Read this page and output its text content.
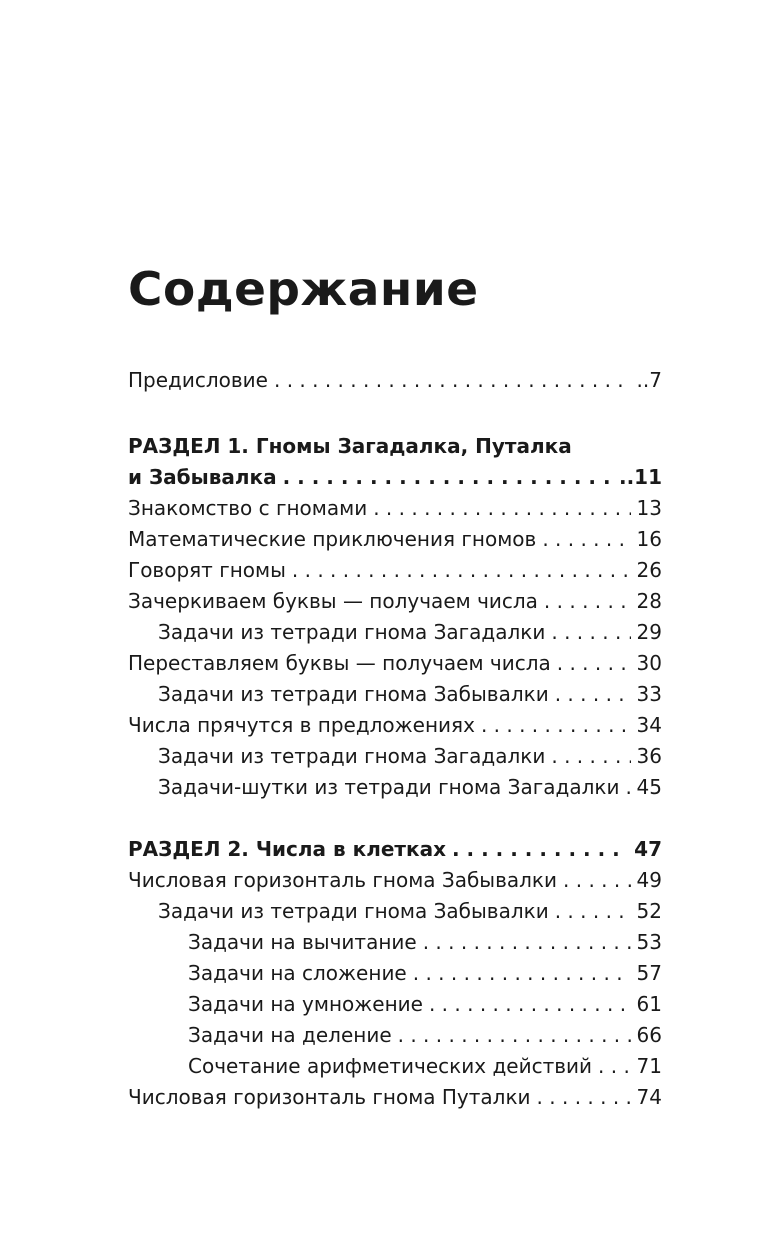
Содержание
Предисловие . . .	..7
РАЗДЕЛ 1. Гномы Загадалка, Путалка
и Забывалка . . .	..11
Знакомство с гномами . . .	13
Математические приключения гномов . . .	16
Говорят гномы . . .	26
Зачеркиваем буквы — получаем числа . . .	28
Задачи из тетради гнома Загадалки . . .	29
Переставляем буквы — получаем числа . . .	30
Задачи из тетради гнома Забывалки . . .	33
Числа прячутся в предложениях . . .	34
Задачи из тетради гнома Загадалки . . .	36
Задачи-шутки из тетради гнома Загадалки . . . 45
РАЗДЕЛ 2. Числа в клетках . . .	47
Числовая горизонталь гнома Забывалки . . .	49
Задачи из тетради гнома Забывалки . . .	52
Задачи на вычитание . . .	53
Задачи на сложение . . .	57
Задачи на умножение . . .	61
Задачи на деление . . .	66
Сочетание арифметических действий . . . 71
Числовая горизонталь гнома Путалки . . .	74
